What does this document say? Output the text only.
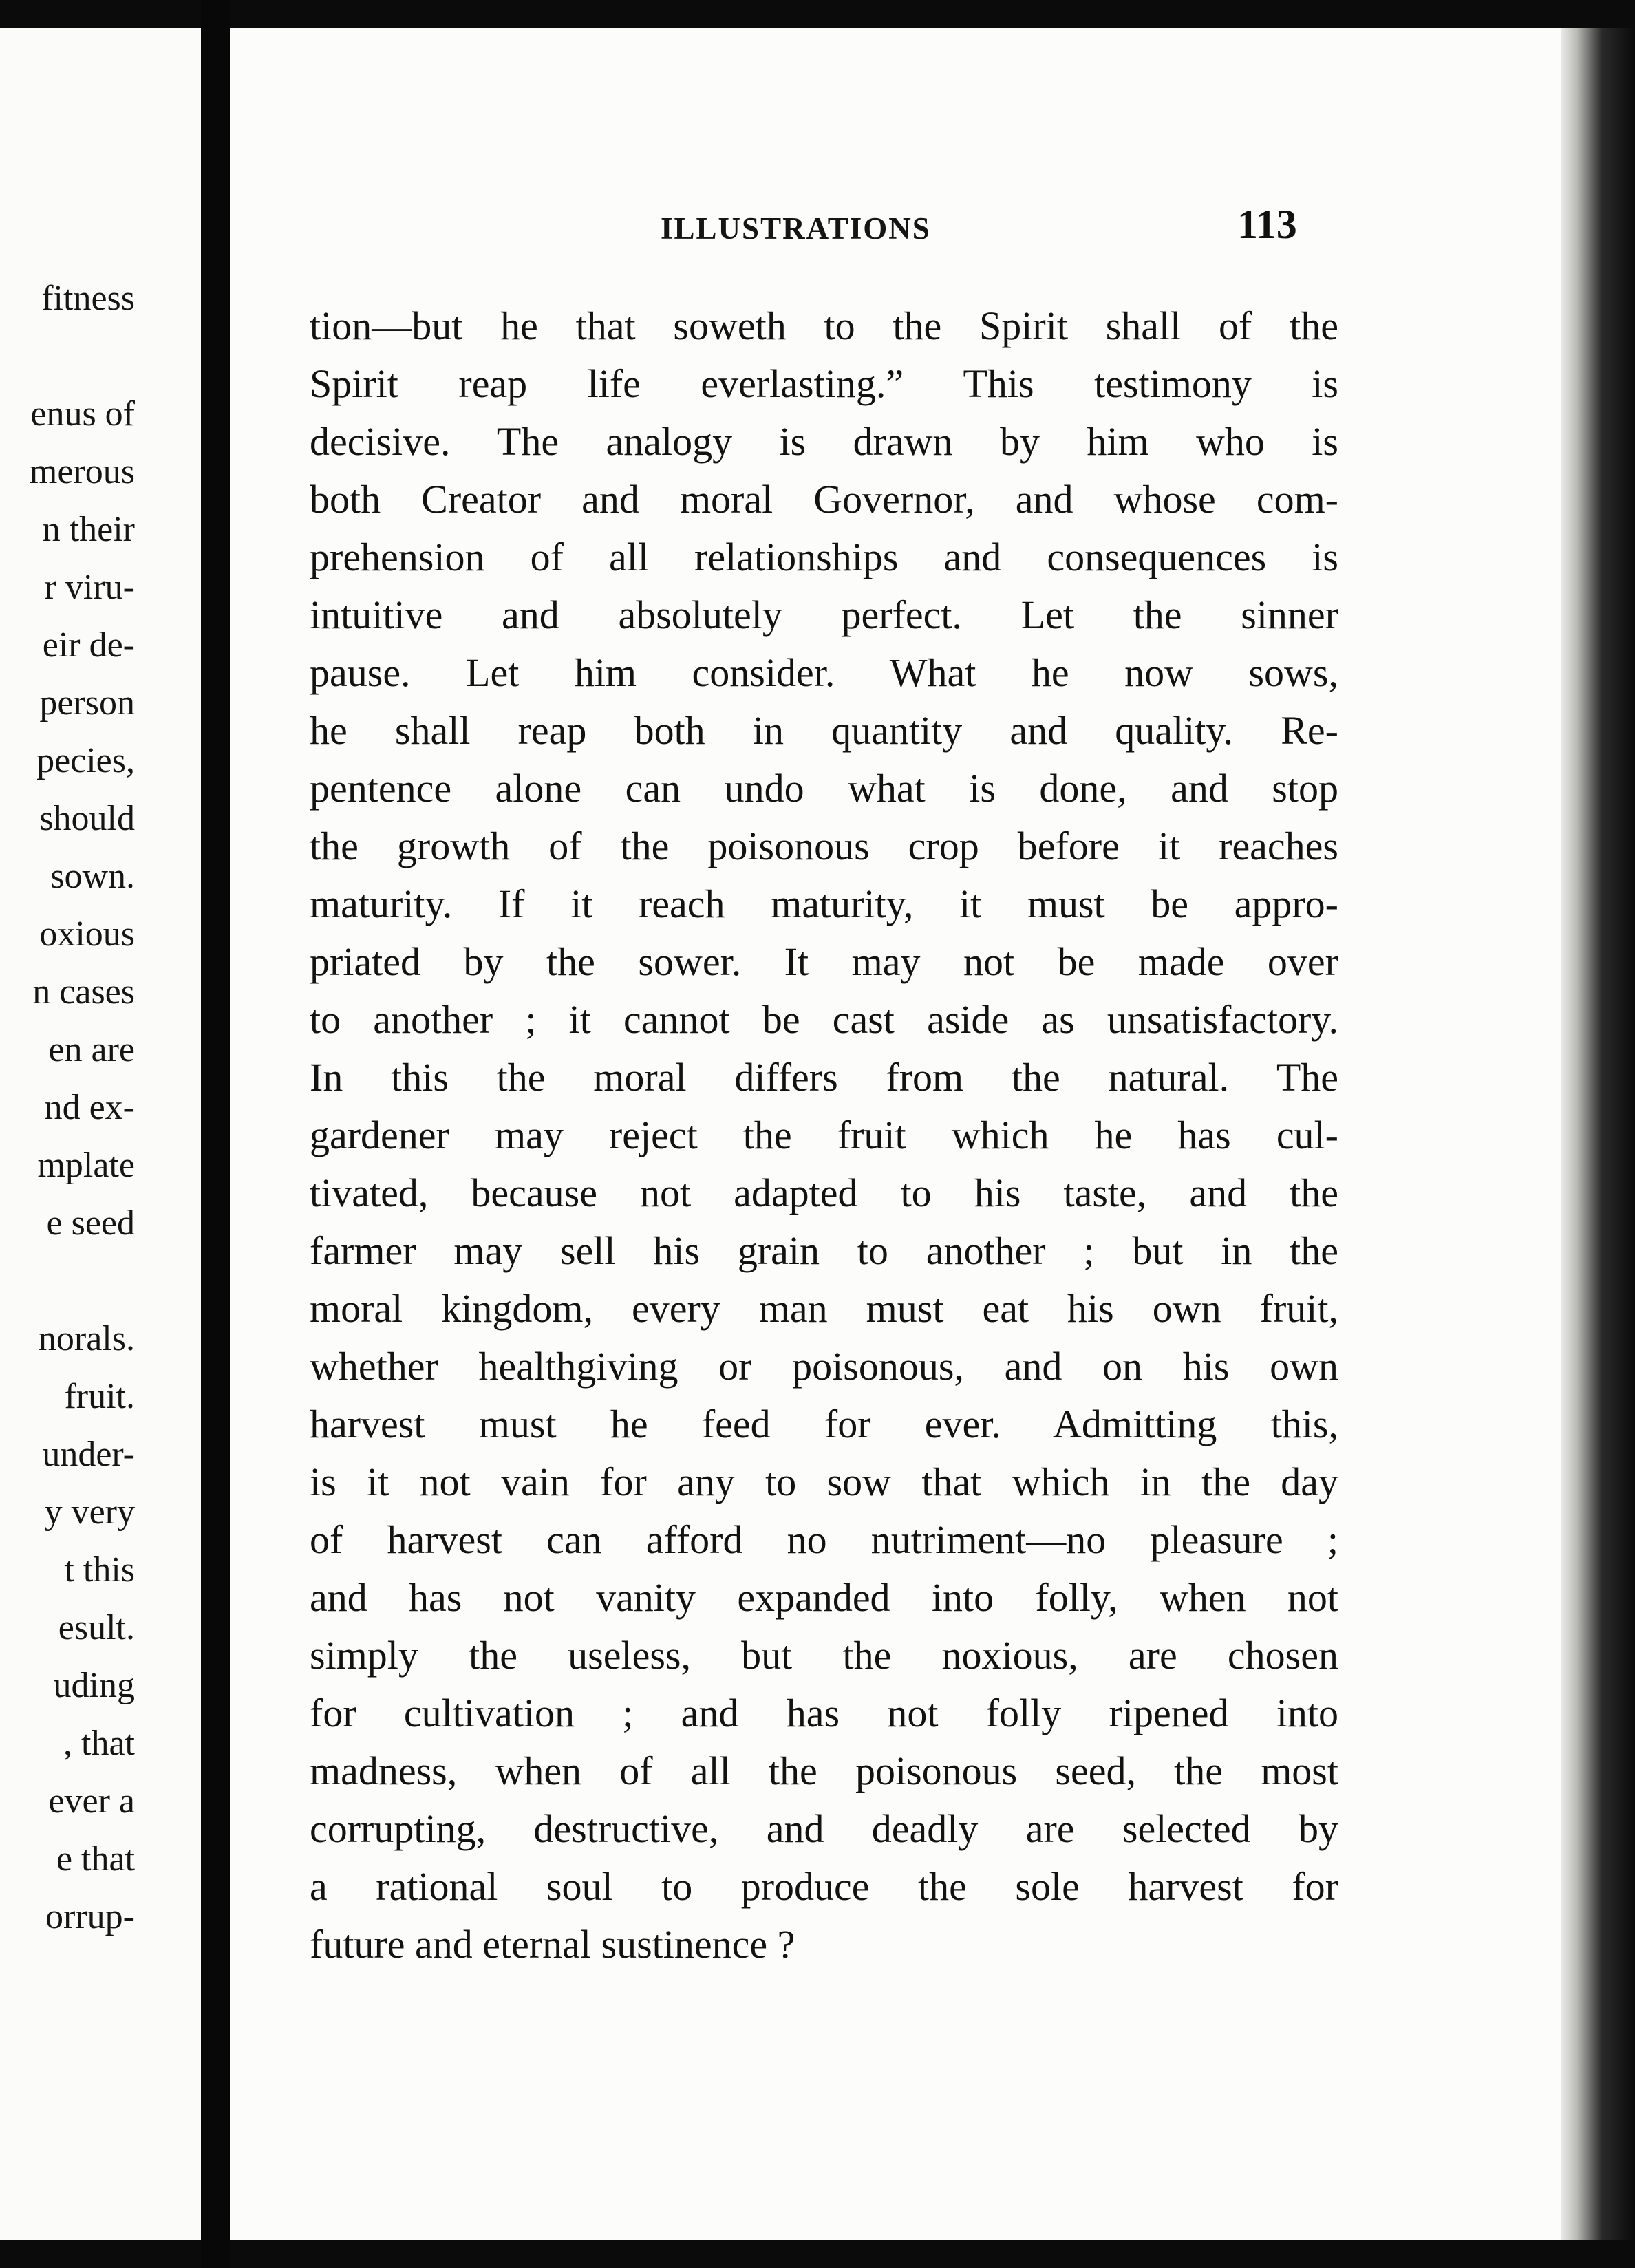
fitness
enus of
merous
n their
r viru-
eir de-
person
pecies,
should
sown.
oxious
n cases
en are
nd ex-
mplate
e seed
norals.
fruit.
under-
y very
t this
esult.
uding
, that
ever a
e that
orrup-
ILLUSTRATIONS	113
tion—but he that soweth to the Spirit shall of the
Spirit reap life everlasting.” This testimony is
decisive. The analogy is drawn by him who is
both Creator and moral Governor, and whose com-
prehension of all relationships and consequences is
intuitive and absolutely perfect. Let the sinner
pause. Let him consider. What he now sows,
he shall reap both in quantity and quality. Re-
pentence alone can undo what is done, and stop
the growth of the poisonous crop before it reaches
maturity. If it reach maturity, it must be appro-
priated by the sower. It may not be made over
to another ; it cannot be cast aside as unsatisfactory.
In this the moral differs from the natural. The
gardener may reject the fruit which he has cul-
tivated, because not adapted to his taste, and the
farmer may sell his grain to another ; but in the
moral kingdom, every man must eat his own fruit,
whether healthgiving or poisonous, and on his own
harvest must he feed for ever. Admitting this,
is it not vain for any to sow that which in the day
of harvest can afford no nutriment—no pleasure ;
and has not vanity expanded into folly, when not
simply the useless, but the noxious, are chosen
for cultivation ; and has not folly ripened into
madness, when of all the poisonous seed, the most
corrupting, destructive, and deadly are selected by
a rational soul to produce the sole harvest for
future and eternal sustinence ?
